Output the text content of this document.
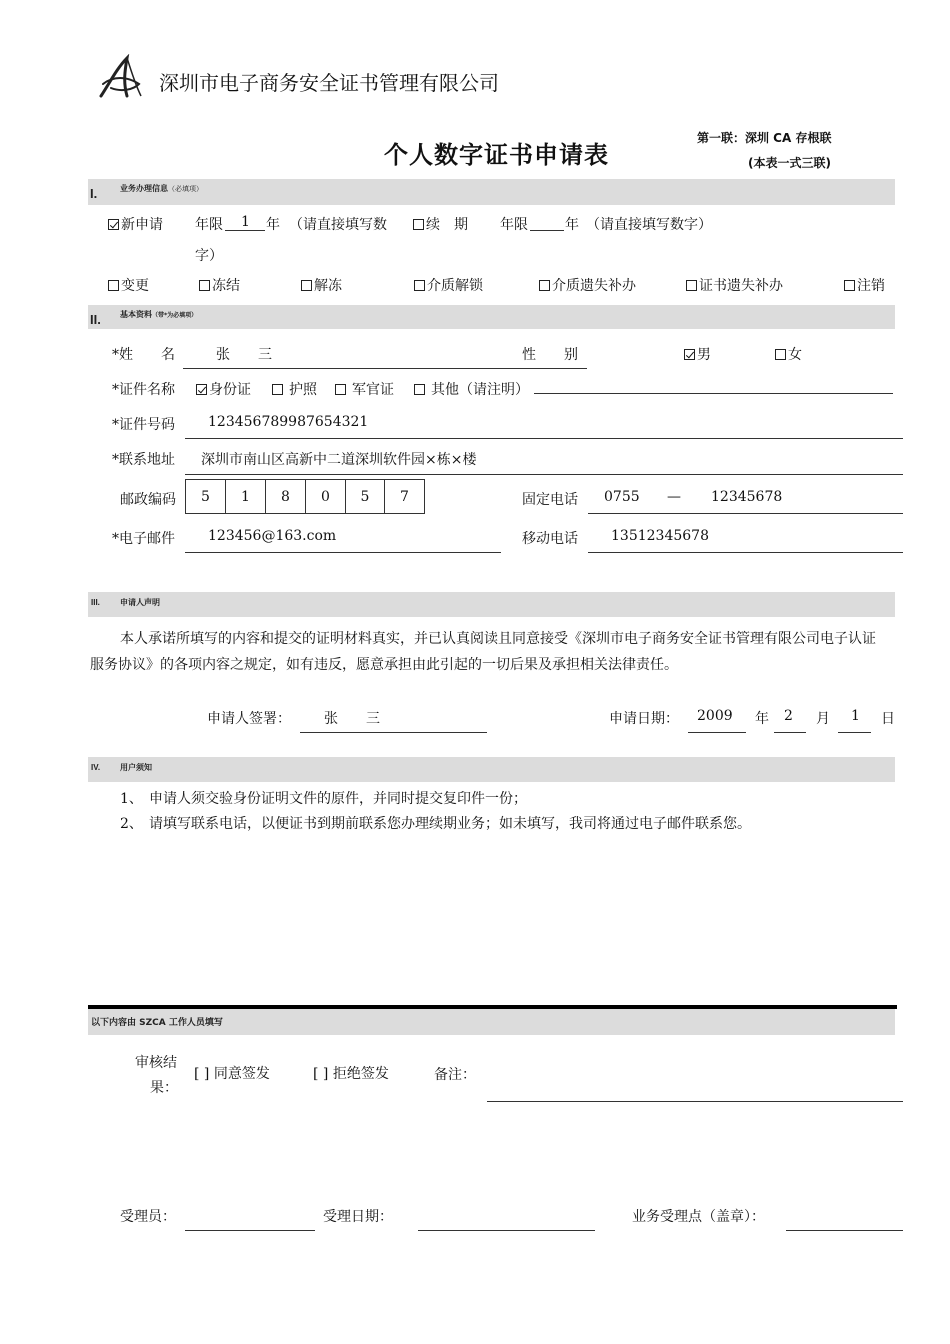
深圳市电子商务安全证书管理有限公司
个人数字证书申请表
第一联：深圳 CA 存根联
(本表一式三联)
I.	业务办理信息（必填项）
新申请 年限 1 年 （请直接填写数
字）
续　期 年限	年 （请直接填写数字）
变更	冻结	解冻	介质解锁	介质遗失补办	证书遗失补办	注销
II. 基本资料（带*为必填项）
*姓　　名	张　　三	性　　别	男	女
*证件名称	身份证	护照	军官证	其他（请注明）
*证件号码 123456789987654321
*联系地址 深圳市南山区高新中二道深圳软件园×栋×楼
邮政编码	5	1	8	0	5	7	固定电话 0755 — 12345678
*电子邮件 123456@163.com	移动电话 13512345678
III.	申请人声明
本人承诺所填写的内容和提交的证明材料真实，并已认真阅读且同意接受《深圳市电子商务安全证书管理有限公司电子认证
服务协议》的各项内容之规定，如有违反，愿意承担由此引起的一切后果及承担相关法律责任。
申请人签署： 张　　三	申请日期： 2009 年 2 月 1 日
IV. 用户须知
1、 申请人须交验身份证明文件的原件，并同时提交复印件一份；
2、 请填写联系电话，以便证书到期前联系您办理续期业务；如未填写，我司将通过电子邮件联系您。
以下内容由 SZCA 工作人员填写
审核结
果：
[ ] 同意签发	[ ] 拒绝签发	备注：
受理员：	受理日期：	业务受理点（盖章）：
